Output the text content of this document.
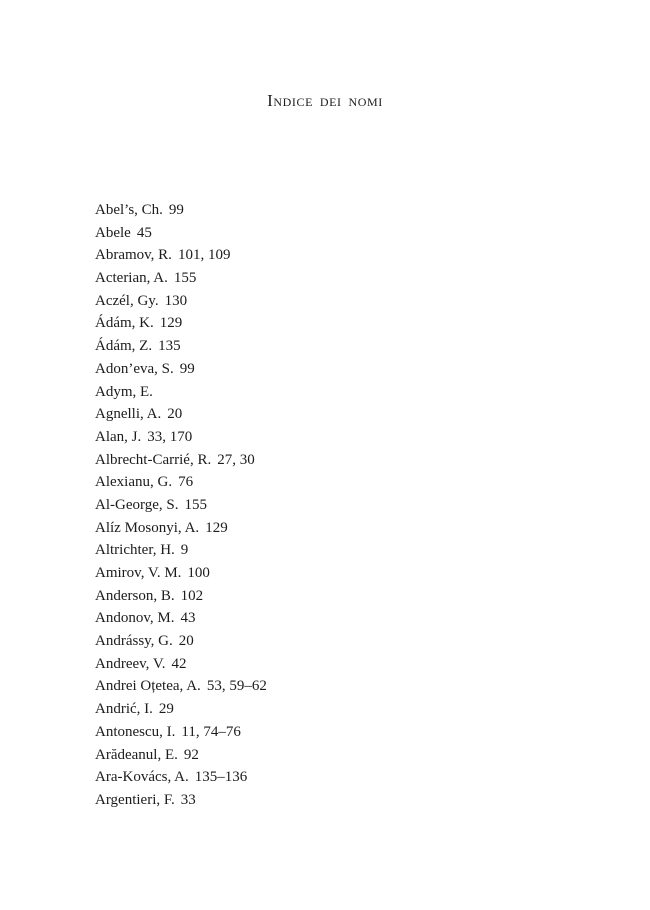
Indice dei nomi
Abel’s, Ch. 99
Abele 45
Abramov, R. 101, 109
Acterian, A. 155
Aczél, Gy. 130
Ádám, K. 129
Ádám, Z. 135
Adon’eva, S. 99
Adym, E.
Agnelli, A. 20
Alan, J. 33, 170
Albrecht-Carrié, R. 27, 30
Alexianu, G. 76
Al-George, S. 155
Alíz Mosonyi, A. 129
Altrichter, H. 9
Amirov, V. M. 100
Anderson, B. 102
Andonov, M. 43
Andrássy, G. 20
Andreev, V. 42
Andrei Oțetea, A. 53, 59–62
Andrić, I. 29
Antonescu, I. 11, 74–76
Arădeanul, E. 92
Ara-Kovács, A. 135–136
Argentieri, F. 33
